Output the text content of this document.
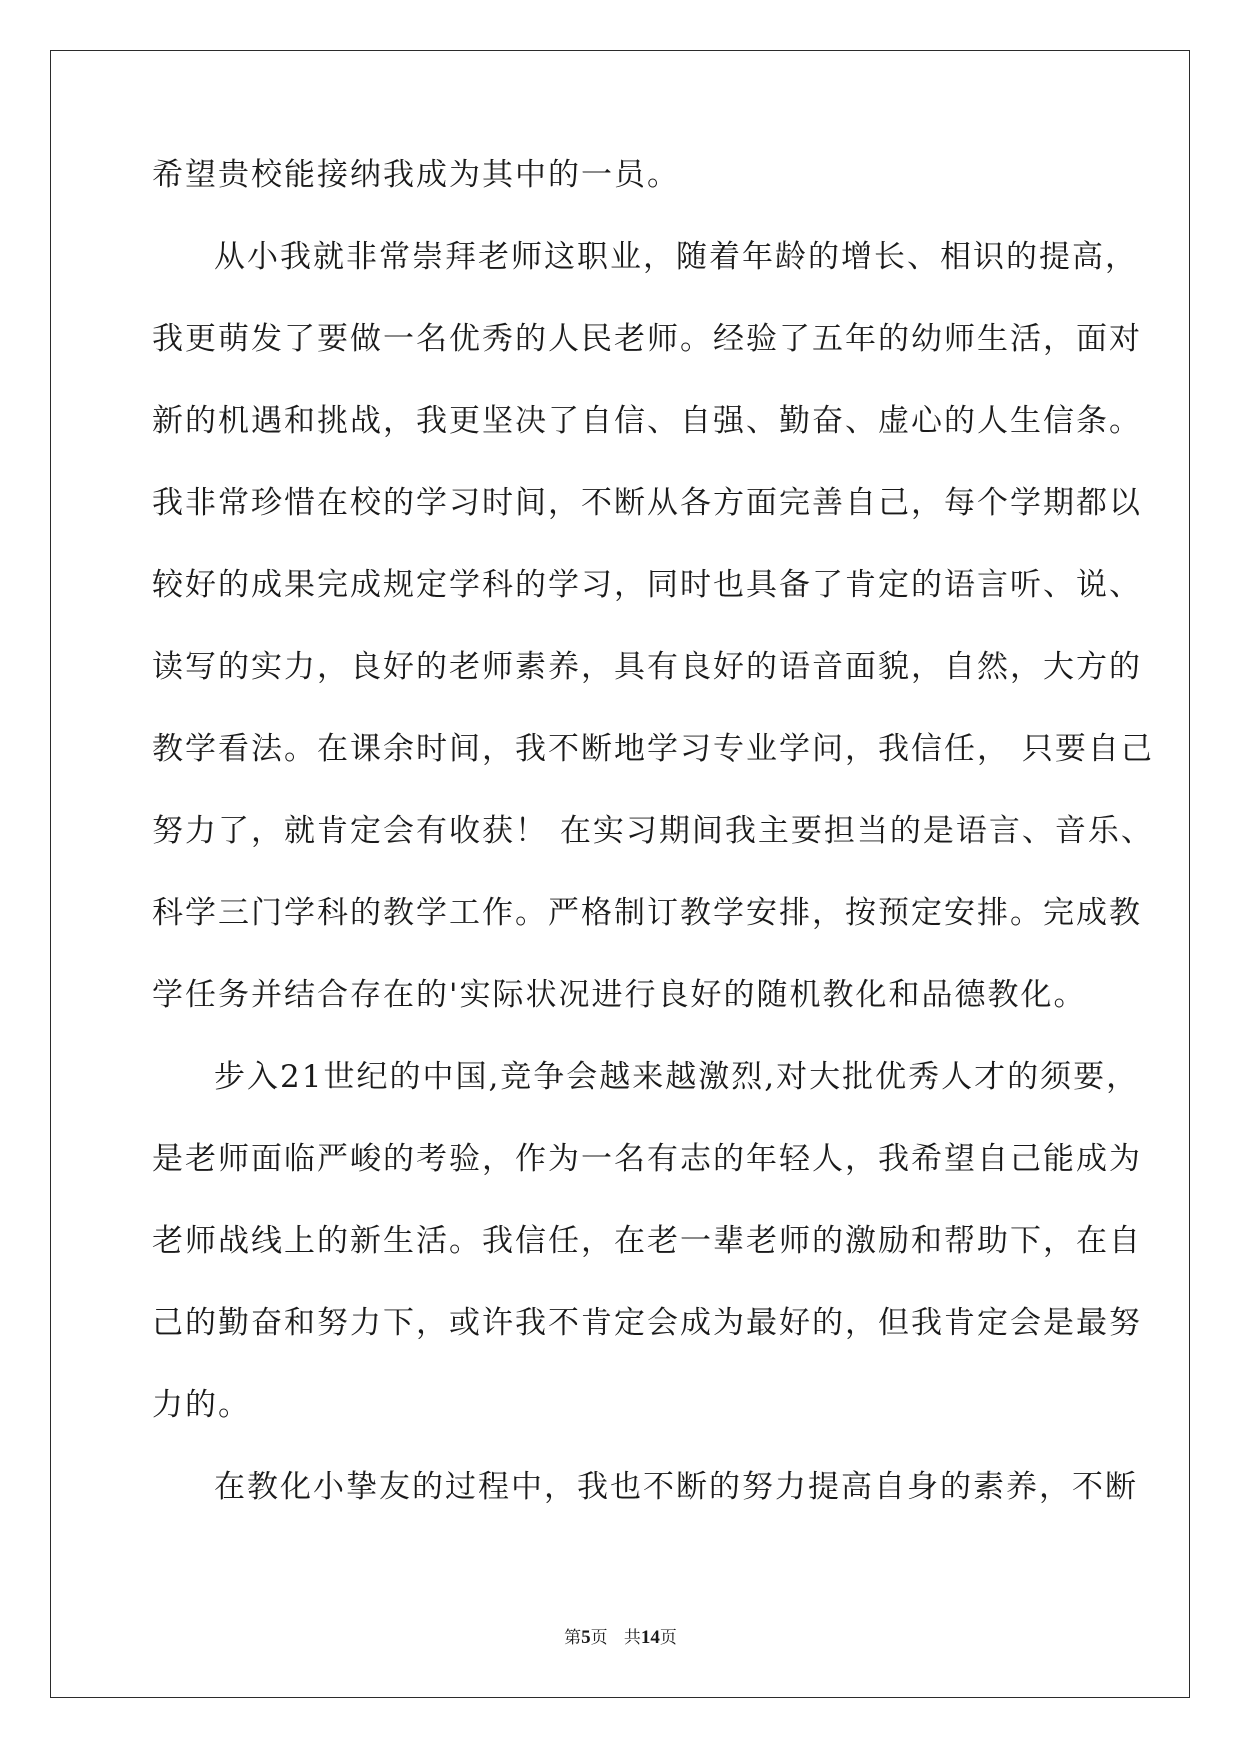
希望贵校能接纳我成为其中的一员。
从小我就非常崇拜老师这职业，随着年龄的增长、相识的提高，
我更萌发了要做一名优秀的人民老师。经验了五年的幼师生活，面对
新的机遇和挑战，我更坚决了自信、自强、勤奋、虚心的人生信条。
我非常珍惜在校的学习时间，不断从各方面完善自己，每个学期都以
较好的成果完成规定学科的学习，同时也具备了肯定的语言听、说、
读写的实力，良好的老师素养，具有良好的语音面貌，自然，大方的
教学看法。在课余时间，我不断地学习专业学问，我信任， 只要自己
努力了，就肯定会有收获！ 在实习期间我主要担当的是语言、音乐、
科学三门学科的教学工作。严格制订教学安排，按预定安排。完成教
学任务并结合存在的'实际状况进行良好的随机教化和品德教化。
步入21世纪的中国,竞争会越来越激烈,对大批优秀人才的须要，
是老师面临严峻的考验，作为一名有志的年轻人，我希望自己能成为
老师战线上的新生活。我信任，在老一辈老师的激励和帮助下，在自
己的勤奋和努力下，或许我不肯定会成为最好的，但我肯定会是最努
力的。
在教化小挚友的过程中，我也不断的努力提高自身的素养，不断
第5页   共14页
